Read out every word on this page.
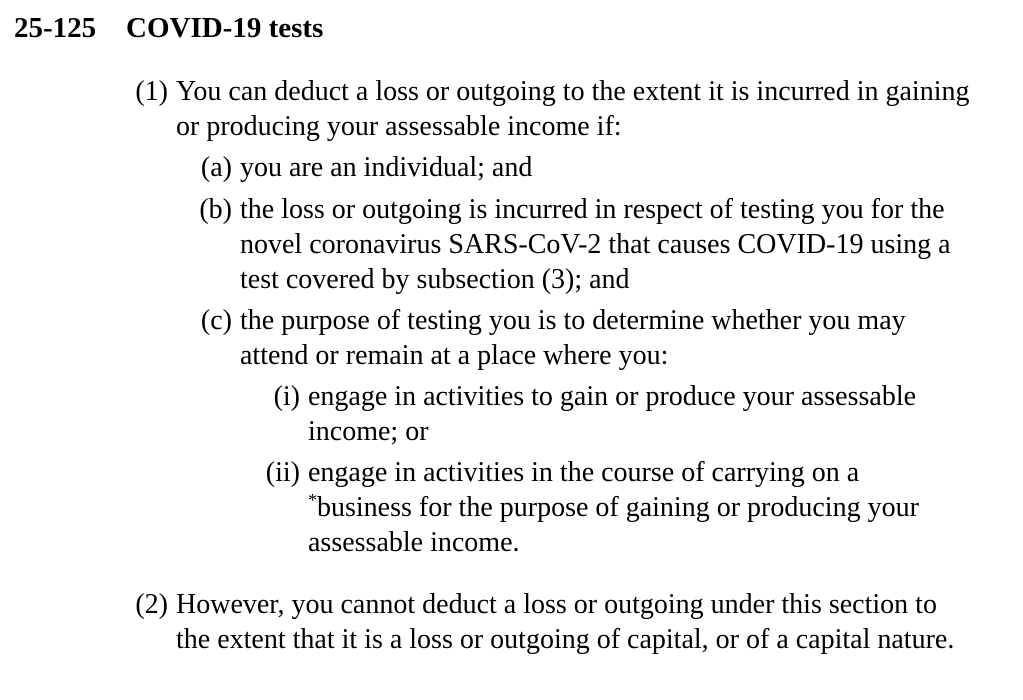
25-125 COVID-19 tests
(1) You can deduct a loss or outgoing to the extent it is incurred in gaining or producing your assessable income if:
(a) you are an individual; and
(b) the loss or outgoing is incurred in respect of testing you for the novel coronavirus SARS-CoV-2 that causes COVID-19 using a test covered by subsection (3); and
(c) the purpose of testing you is to determine whether you may attend or remain at a place where you:
(i) engage in activities to gain or produce your assessable income; or
(ii) engage in activities in the course of carrying on a
*business for the purpose of gaining or producing your assessable income.
(2) However, you cannot deduct a loss or outgoing under this section to the extent that it is a loss or outgoing of capital, or of a capital nature.
